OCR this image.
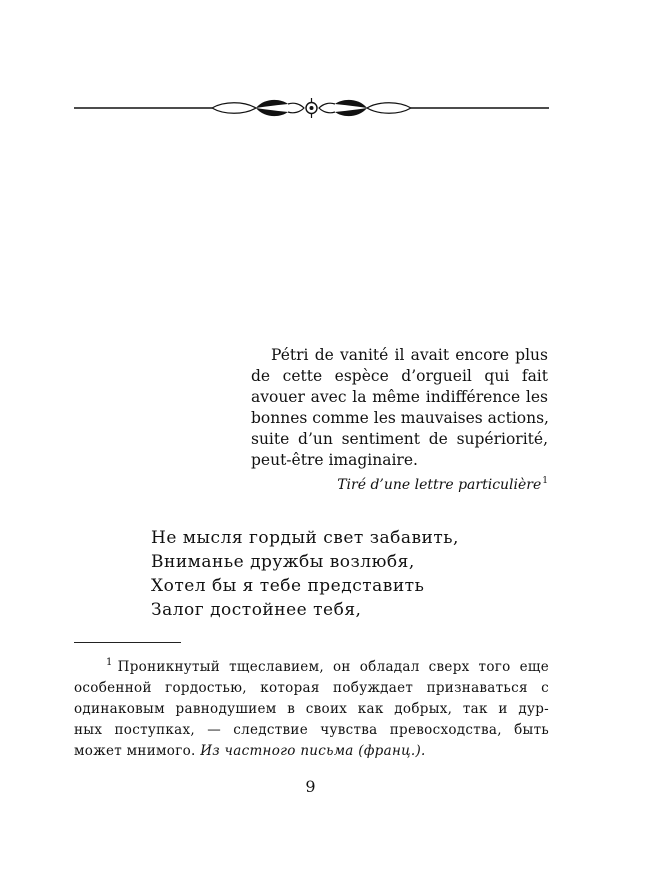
Pétri de vanité il avait encore plus
de cette espèce d’orgueil qui fait
avouer avec la même indifférence les
bonnes comme les mauvaises actions,
suite d’un sentiment de supériorité,
peut-être imaginaire.
Tiré d’une lettre particulière$^1$
Не мысля гордый свет забавить,
Вниманье дружбы возлюбя,
Хотел бы я тебе представить
Залог достойнее тебя,
$^1$ Проникнутый тщеславием, он обладал сверх того еще
особенной гордостью, которая побуждает признаваться с
одинаковым равнодушием в своих как добрых, так и дур-
ных поступках, — следствие чувства превосходства, быть
может мнимого. Из частного письма (франц.).
9
